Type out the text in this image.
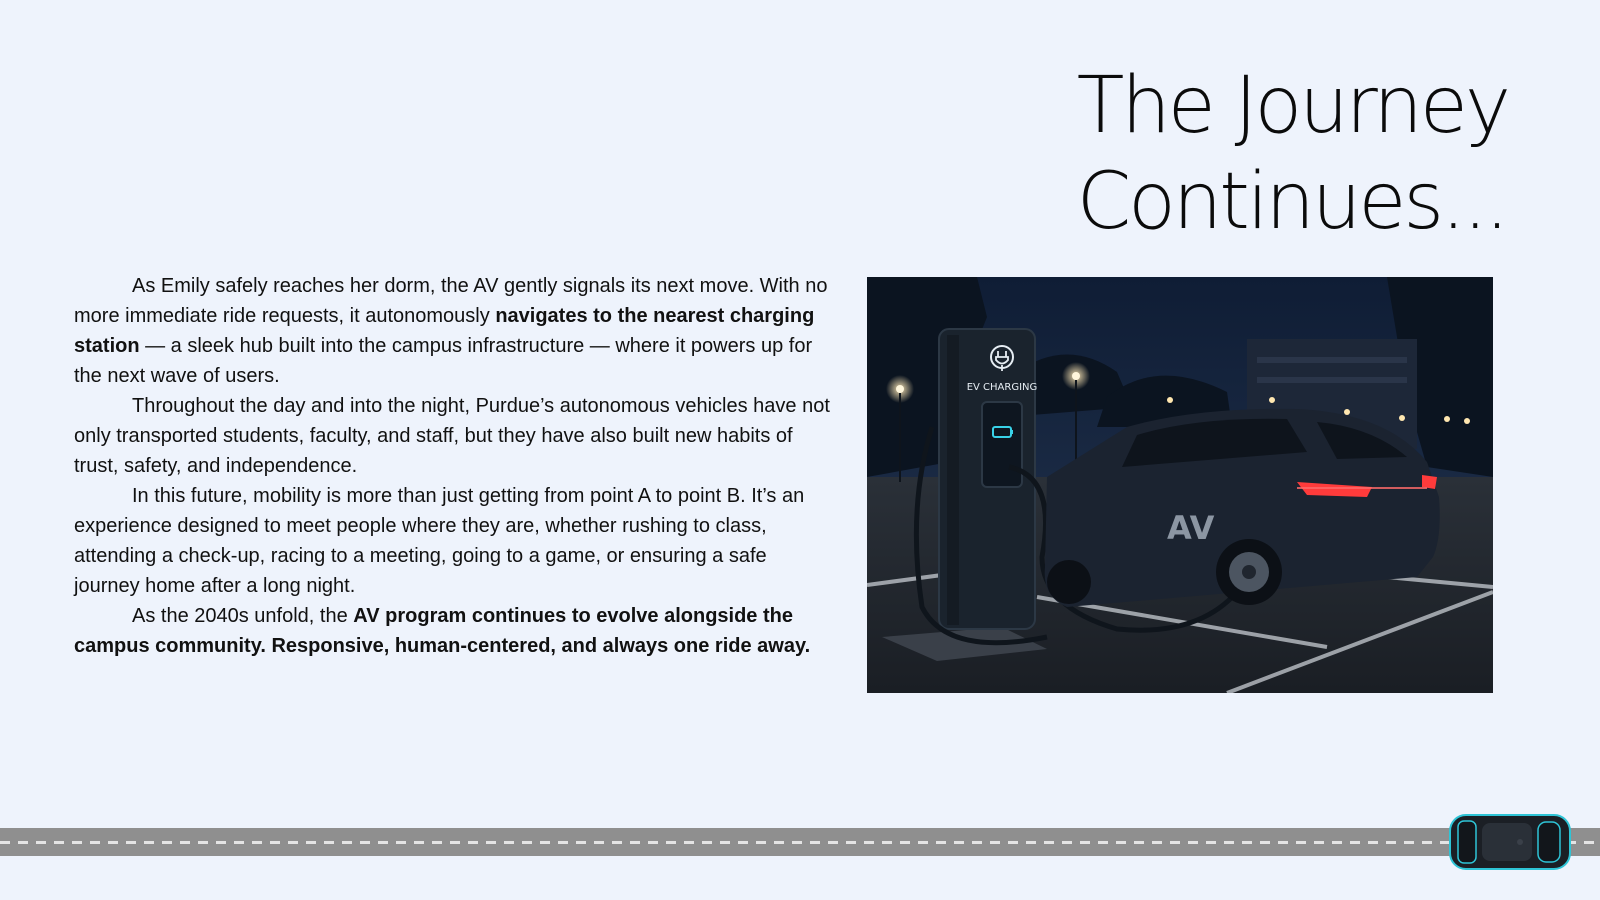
The Journey
Continues...

As Emily safely reaches her dorm, the AV gently signals its next move. With no more immediate ride requests, it autonomously navigates to the nearest charging station — a sleek hub built into the campus infrastructure — where it powers up for the next wave of users.

Throughout the day and into the night, Purdue’s autonomous vehicles have not only transported students, faculty, and staff, but they have also built new habits of trust, safety, and independence.

In this future, mobility is more than just getting from point A to point B. It’s an experience designed to meet people where they are, whether rushing to class, attending a check-up, racing to a meeting, going to a game, or ensuring a safe journey home after a long night.

As the 2040s unfold, the AV program continues to evolve alongside the campus community. Responsive, human-centered, and always one ride away.

EV CHARGING
AV
